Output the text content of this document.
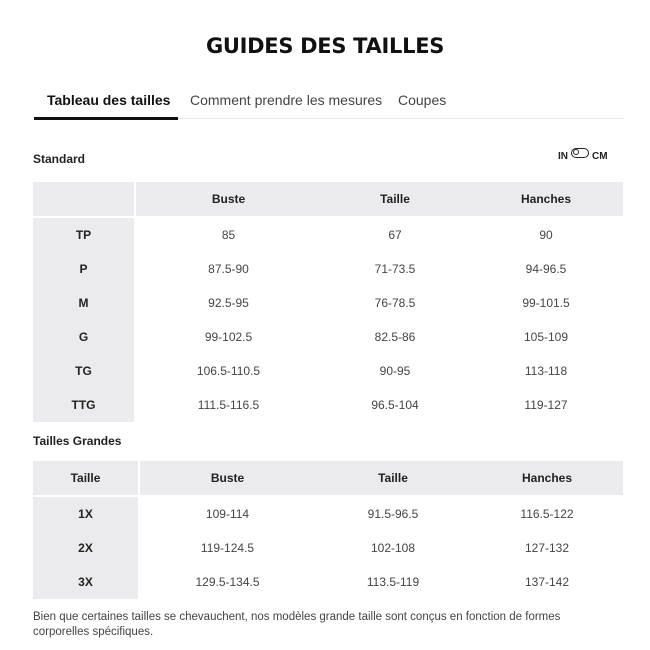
GUIDES DES TAILLES
Tableau des tailles Comment prendre les mesures Coupes
Standard	IN CM
	Buste	Taille	Hanches
TP	85	67	90
P	87.5-90	71-73.5	94-96.5
M	92.5-95	76-78.5	99-101.5
G	99-102.5	82.5-86	105-109
TG	106.5-110.5	90-95	113-118
TTG	111.5-116.5	96.5-104	119-127
Tailles Grandes
Taille	Buste	Taille	Hanches
1X	109-114	91.5-96.5	116.5-122
2X	119-124.5	102-108	127-132
3X	129.5-134.5	113.5-119	137-142
Bien que certaines tailles se chevauchent, nos modèles grande taille sont conçus en fonction de formes corporelles spécifiques.
